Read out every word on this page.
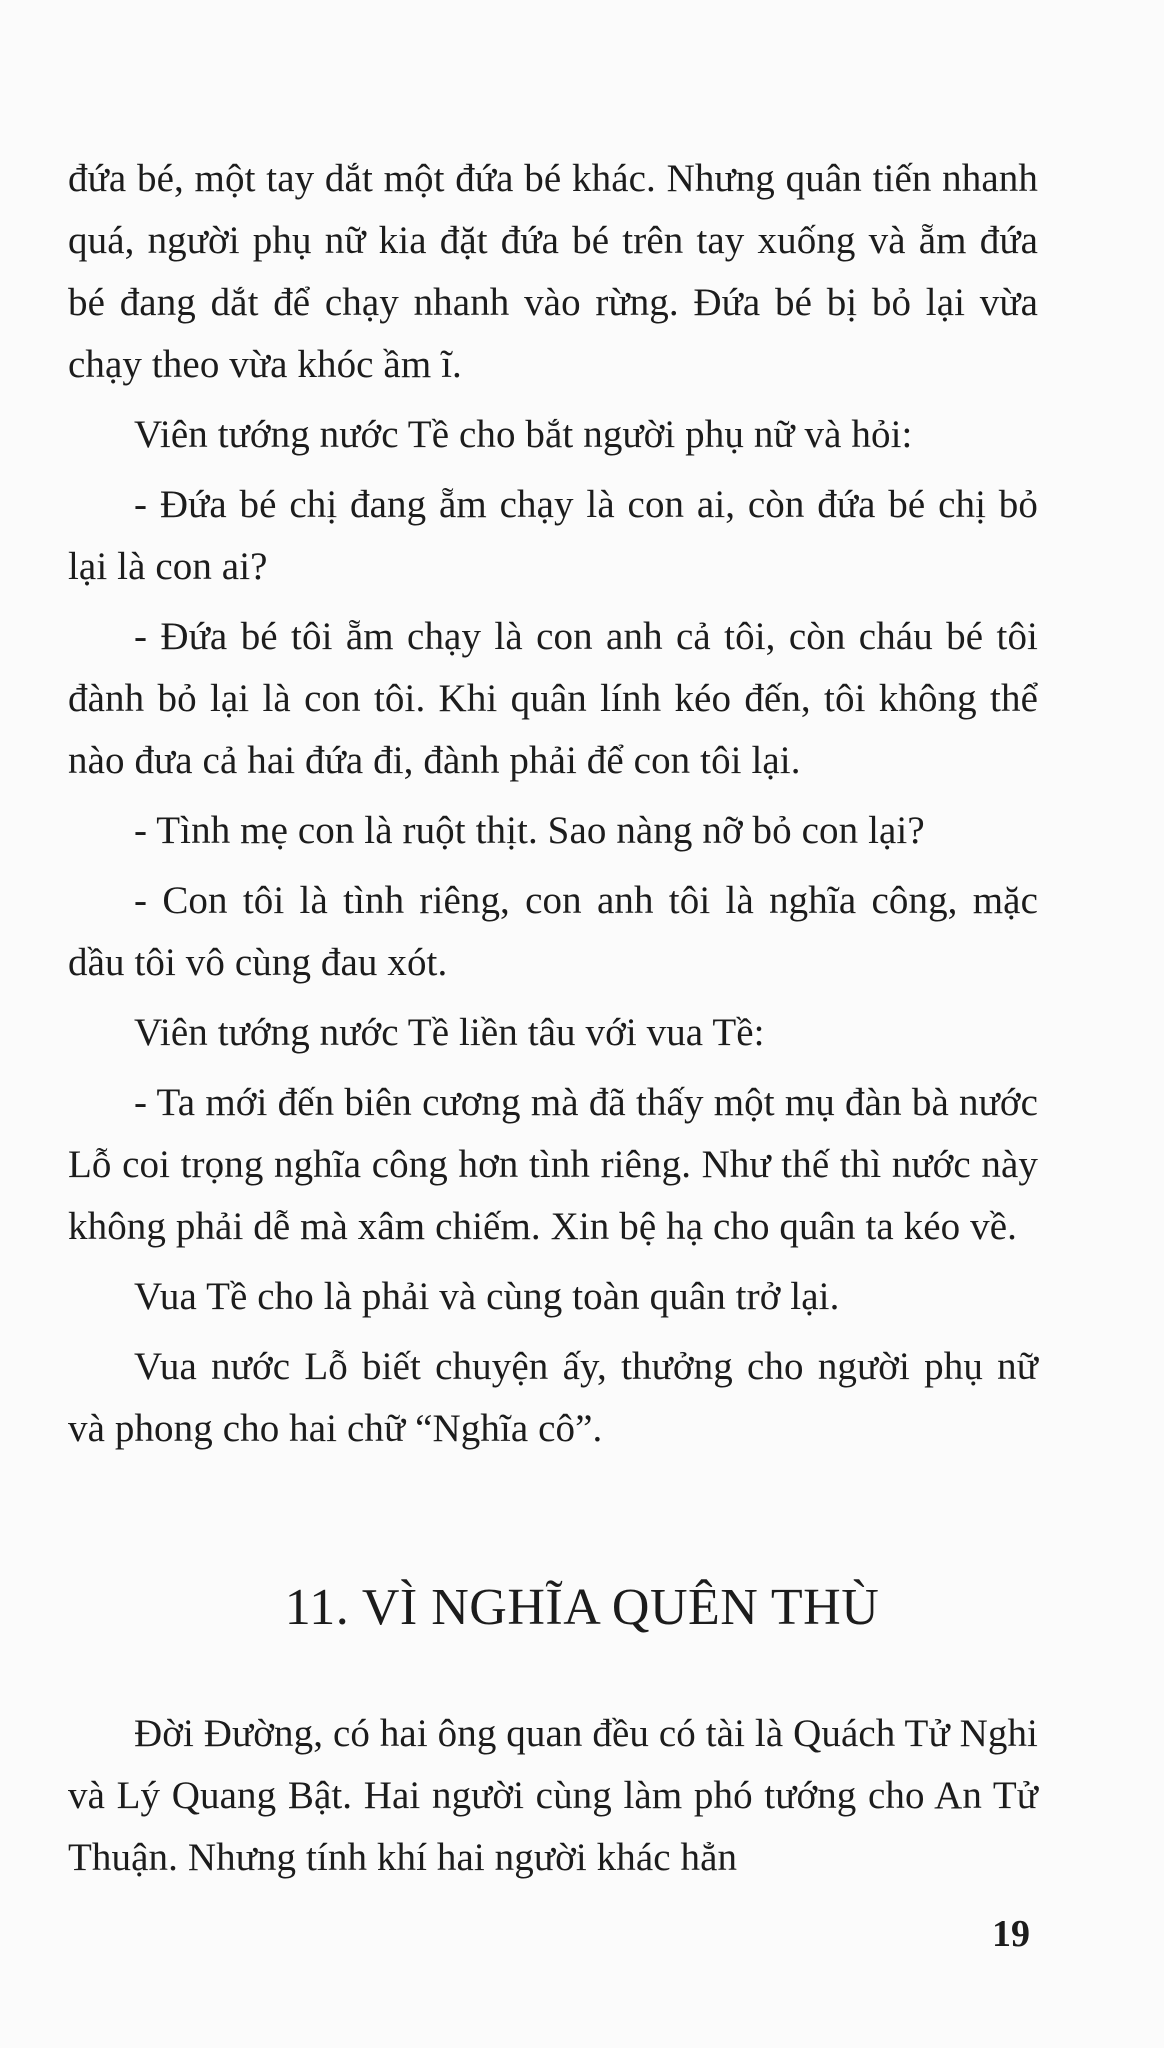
đứa bé, một tay dắt một đứa bé khác. Nhưng quân tiến nhanh quá, người phụ nữ kia đặt đứa bé trên tay xuống và ẵm đứa bé đang dắt để chạy nhanh vào rừng. Đứa bé bị bỏ lại vừa chạy theo vừa khóc ầm ĩ.

Viên tướng nước Tề cho bắt người phụ nữ và hỏi:

- Đứa bé chị đang ẵm chạy là con ai, còn đứa bé chị bỏ lại là con ai?

- Đứa bé tôi ẵm chạy là con anh cả tôi, còn cháu bé tôi đành bỏ lại là con tôi. Khi quân lính kéo đến, tôi không thể nào đưa cả hai đứa đi, đành phải để con tôi lại.

- Tình mẹ con là ruột thịt. Sao nàng nỡ bỏ con lại?

- Con tôi là tình riêng, con anh tôi là nghĩa công, mặc dầu tôi vô cùng đau xót.

Viên tướng nước Tề liền tâu với vua Tề:

- Ta mới đến biên cương mà đã thấy một mụ đàn bà nước Lỗ coi trọng nghĩa công hơn tình riêng. Như thế thì nước này không phải dễ mà xâm chiếm. Xin bệ hạ cho quân ta kéo về.

Vua Tề cho là phải và cùng toàn quân trở lại.

Vua nước Lỗ biết chuyện ấy, thưởng cho người phụ nữ và phong cho hai chữ “Nghĩa cô”.

11. VÌ NGHĨA QUÊN THÙ

Đời Đường, có hai ông quan đều có tài là Quách Tử Nghi và Lý Quang Bật. Hai người cùng làm phó tướng cho An Tử Thuận. Nhưng tính khí hai người khác hẳn

19
